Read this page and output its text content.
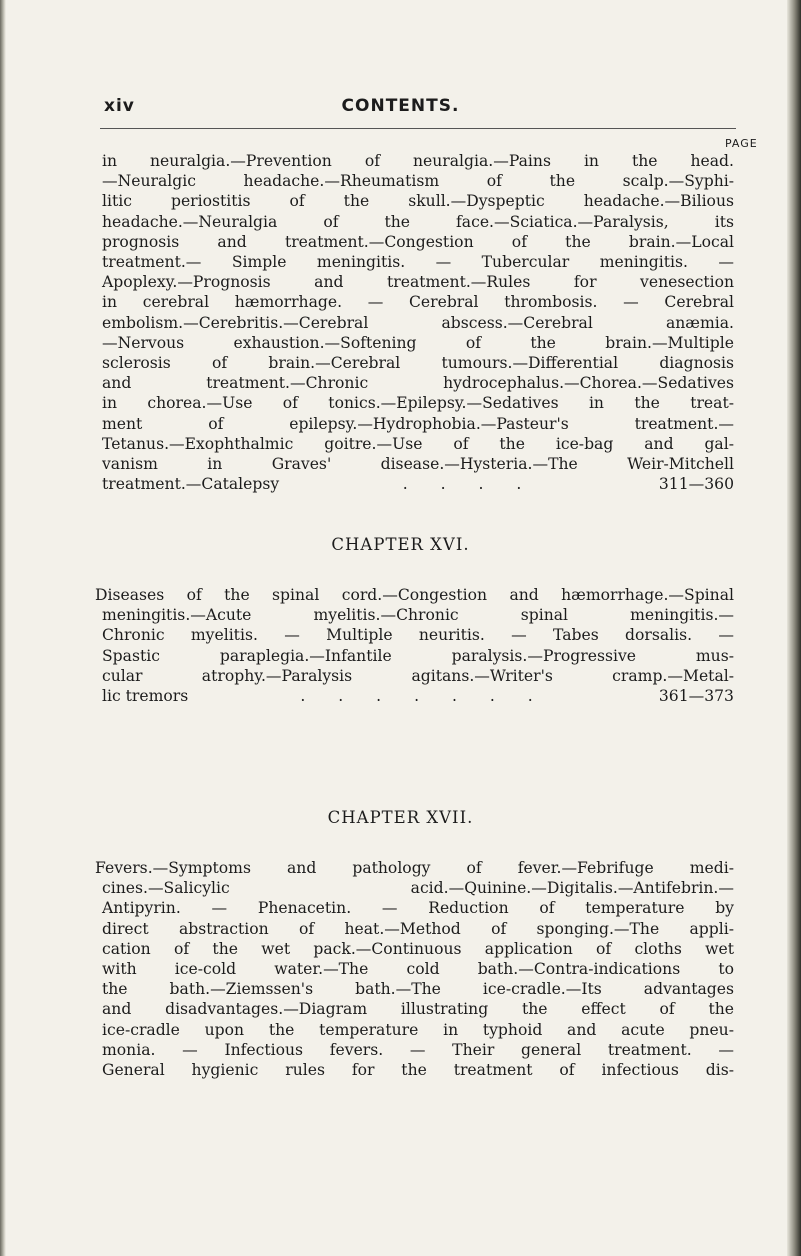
xiv	CONTENTS.
PAGE
in neuralgia.—Prevention of neuralgia.—Pains in the head.
—Neuralgic headache.—Rheumatism of the scalp.—Syphi-
litic periostitis of the skull.—Dyspeptic headache.—Bilious
headache.—Neuralgia of the face.—Sciatica.—Paralysis, its
prognosis and treatment.—Congestion of the brain.—Local
treatment.— Simple meningitis. — Tubercular meningitis. —
Apoplexy.—Prognosis and treatment.—Rules for venesection
in cerebral hæmorrhage. — Cerebral thrombosis. — Cerebral
embolism.—Cerebritis.—Cerebral abscess.—Cerebral anæmia.
—Nervous exhaustion.—Softening of the brain.—Multiple
sclerosis of brain.—Cerebral tumours.—Differential diagnosis
and treatment.—Chronic hydrocephalus.—Chorea.—Sedatives
in chorea.—Use of tonics.—Epilepsy.—Sedatives in the treat-
ment of epilepsy.—Hydrophobia.—Pasteur's treatment.—
Tetanus.—Exophthalmic goitre.—Use of the ice-bag and gal-
vanism in Graves' disease.—Hysteria.—The Weir-Mitchell
treatment.—Catalepsy	. . . .	311—360
CHAPTER XVI.
Diseases of the spinal cord.—Congestion and hæmorrhage.—Spinal
meningitis.—Acute myelitis.—Chronic spinal meningitis.—
Chronic myelitis. — Multiple neuritis. — Tabes dorsalis. —
Spastic paraplegia.—Infantile paralysis.—Progressive mus-
cular atrophy.—Paralysis agitans.—Writer's cramp.—Metal-
lic tremors	. . . . . . .	361—373
CHAPTER XVII.
Fevers.—Symptoms and pathology of fever.—Febrifuge medi-
cines.—Salicylic acid.—Quinine.—Digitalis.—Antifebrin.—
Antipyrin. — Phenacetin. — Reduction of temperature by
direct abstraction of heat.—Method of sponging.—The appli-
cation of the wet pack.—Continuous application of cloths wet
with ice-cold water.—The cold bath.—Contra-indications to
the bath.—Ziemssen's bath.—The ice-cradle.—Its advantages
and disadvantages.—Diagram illustrating the effect of the
ice-cradle upon the temperature in typhoid and acute pneu-
monia. — Infectious fevers. — Their general treatment. —
General hygienic rules for the treatment of infectious dis-
